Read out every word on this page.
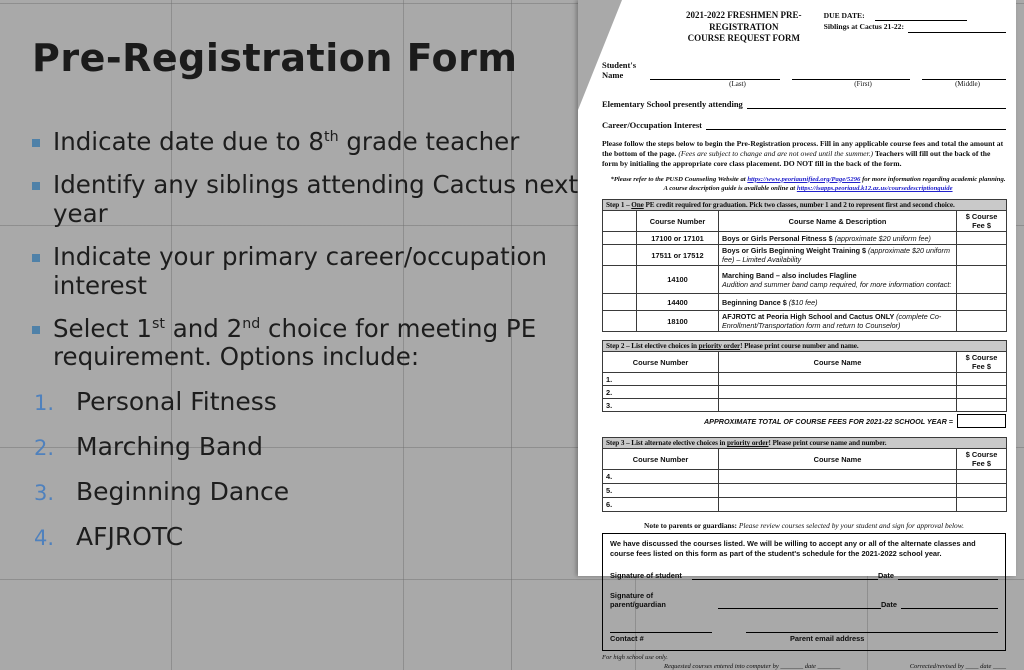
Pre-Registration Form
Indicate date due to 8th grade teacher
Identify any siblings attending Cactus next year
Indicate your primary career/occupation interest
Select 1st and 2nd choice for meeting PE requirement. Options include:
1. Personal Fitness
2. Marching Band
3. Beginning Dance
4. AFJROTC
2021-2022 FRESHMEN PRE-REGISTRATION
COURSE REQUEST FORM
DUE DATE:
Siblings at Cactus 21-22:
Student's Name
(Last)	(First)	(Middle)
Elementary School presently attending
Career/Occupation Interest

Please follow the steps below to begin the Pre-Registration process. Fill in any applicable course fees and total the amount at the bottom of the page. (Fees are subject to change and are not owed until the summer.) Teachers will fill out the back of the form by initialing the appropriate core class placement. DO NOT fill in the back of the form.

*Please refer to the PUSD Counseling Website at https://www.peoriaunified.org/Page/5296 for more information regarding academic planning. A course description guide is available online at https://isapps.peoriaud.k12.az.us/coursedescriptionguide

Step 1 – One PE credit required for graduation. Pick two classes, number 1 and 2 to represent first and second choice.			
	Course Number	Course Name & Description	$ Course Fee $
	17100 or 17101	Boys or Girls Personal Fitness $ (approximate $20 uniform fee)	
	17511 or 17512	Boys or Girls Beginning Weight Training $ (approximate $20 uniform fee) – Limited Availability	
	14100	Marching Band – also includes Flagline
Audition and summer band camp required, for more information contact:	

	14400	Beginning Dance $ ($10 fee)	
	18100	AFJROTC at Peoria High School and Cactus ONLY (complete Co-Enrollment/Transportation form and return to Counselor)	
Step 2 – List elective choices in priority order! Please print course number and name.		
Course Number	Course Name	$ Course Fee $
1.		
2.		
3.		
APPROXIMATE TOTAL OF COURSE FEES FOR 2021-22 SCHOOL YEAR =
Step 3 – List alternate elective choices in priority order! Please print course name and number.		
Course Number	Course Name	$ Course Fee $
4.		
5.		
6.		
Note to parents or guardians: Please review courses selected by your student and sign for approval below.
We have discussed the courses listed. We will be willing to accept any or all of the alternate classes and course fees listed on this form as part of the student's schedule for the 2021-2022 school year.
Signature of student	Date
Signature of parent/guardian	Date
Contact #	Parent email address
For high school use only.
Requested courses entered into computer by _______ date _______	Corrected/revised by ____ date ____
